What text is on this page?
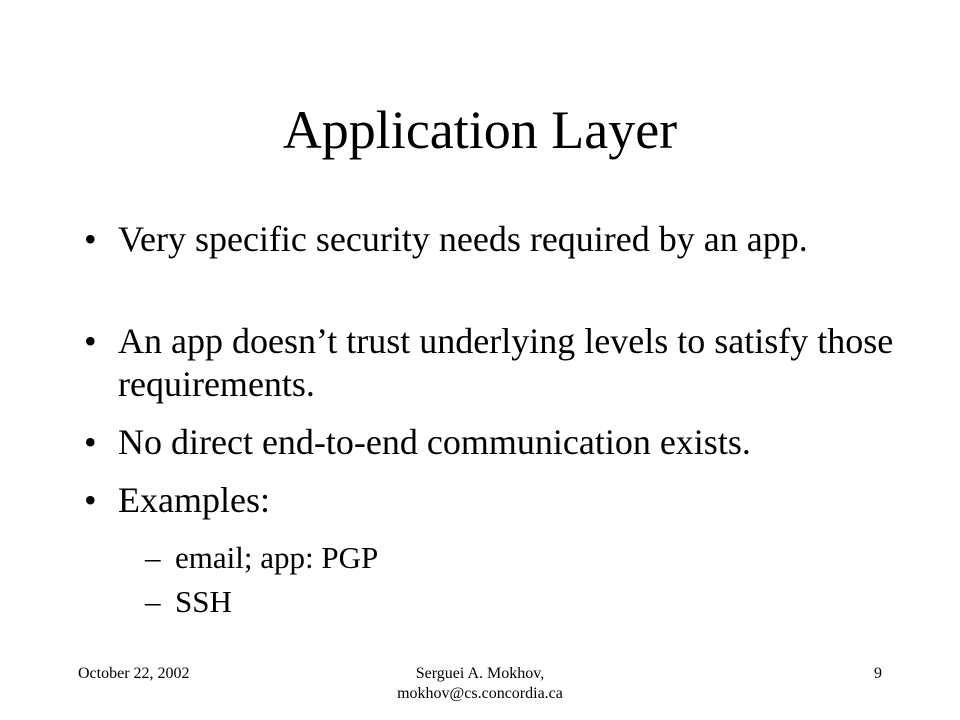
Application Layer
• Very specific security needs required by an app.
• An app doesn’t trust underlying levels to satisfy those requirements.
• No direct end-to-end communication exists.
• Examples:
– email; app: PGP
– SSH
October 22, 2002	Serguei A. Mokhov,
mokhov@cs.concordia.ca
9
